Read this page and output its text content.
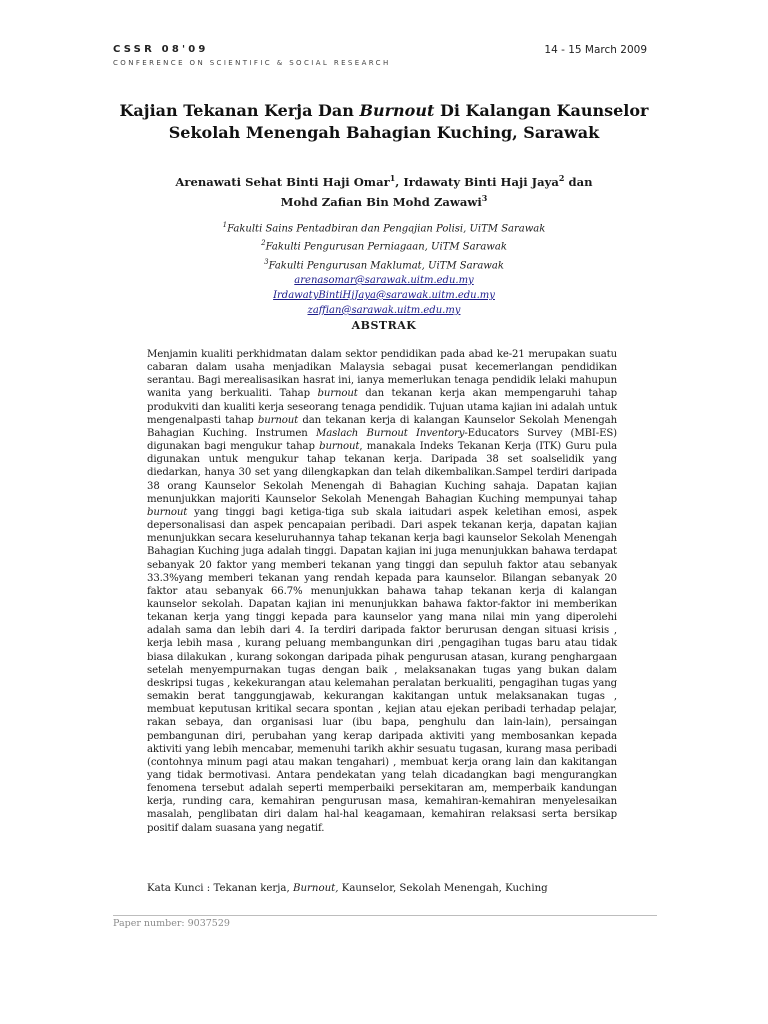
CSSR 08'09
CONFERENCE ON SCIENTIFIC & SOCIAL RESEARCH
14 - 15 March 2009
Kajian Tekanan Kerja Dan Burnout Di Kalangan Kaunselor Sekolah Menengah Bahagian Kuching, Sarawak
Arenawati Sehat Binti Haji Omar$^1$, Irdawaty Binti Haji Jaya$^2$ dan
Mohd Zafian Bin Mohd Zawawi$^3$
$^1$Fakulti Sains Pentadbiran dan Pengajian Polisi, UiTM Sarawak
$^2$Fakulti Pengurusan Perniagaan, UiTM Sarawak
$^3$Fakulti Pengurusan Maklumat, UiTM Sarawak
arenasomar@sarawak.uitm.edu.my
IrdawatyBintiHjJaya@sarawak.uitm.edu.my
zaffian@sarawak.uitm.edu.my
ABSTRAK
Menjamin kualiti perkhidmatan dalam sektor pendidikan pada abad ke-21 merupakan suatu cabaran dalam usaha menjadikan Malaysia sebagai pusat kecemerlangan pendidikan serantau. Bagi merealisasikan hasrat ini, ianya memerlukan tenaga pendidik lelaki mahupun wanita yang berkualiti. Tahap burnout dan tekanan kerja akan mempengaruhi tahap produkviti dan kualiti kerja seseorang tenaga pendidik. Tujuan utama kajian ini adalah untuk mengenalpasti tahap burnout dan tekanan kerja di kalangan Kaunselor Sekolah Menengah Bahagian Kuching. Instrumen Maslach Burnout Inventory-Educators Survey (MBI-ES) digunakan bagi mengukur tahap burnout, manakala Indeks Tekanan Kerja (ITK) Guru pula digunakan untuk mengukur tahap tekanan kerja. Daripada 38 set soalselidik yang diedarkan, hanya 30 set yang dilengkapkan dan telah dikembalikan.Sampel terdiri daripada 38 orang Kaunselor Sekolah Menengah di Bahagian Kuching sahaja. Dapatan kajian menunjukkan majoriti Kaunselor Sekolah Menengah Bahagian Kuching mempunyai tahap burnout yang tinggi bagi ketiga-tiga sub skala iaitudari aspek keletihan emosi, aspek depersonalisasi dan aspek pencapaian peribadi. Dari aspek tekanan kerja, dapatan kajian menunjukkan secara keseluruhannya tahap tekanan kerja bagi kaunselor Sekolah Menengah Bahagian Kuching juga adalah tinggi. Dapatan kajian ini juga menunjukkan bahawa terdapat sebanyak 20 faktor yang memberi tekanan yang tinggi dan sepuluh faktor atau sebanyak 33.3%yang memberi tekanan yang rendah kepada para kaunselor. Bilangan sebanyak 20 faktor atau sebanyak 66.7% menunjukkan bahawa tahap tekanan kerja di kalangan kaunselor sekolah. Dapatan kajian ini menunjukkan bahawa faktor-faktor ini memberikan tekanan kerja yang tinggi kepada para kaunselor yang mana nilai min yang diperolehi adalah sama dan lebih dari 4. Ia terdiri daripada faktor berurusan dengan situasi krisis , kerja lebih masa , kurang peluang membangunkan diri ,pengagihan tugas baru atau tidak biasa dilakukan , kurang sokongan daripada pihak pengurusan atasan, kurang penghargaan setelah menyempurnakan tugas dengan baik , melaksanakan tugas yang bukan dalam deskripsi tugas , kekekurangan atau kelemahan peralatan berkualiti, pengagihan tugas yang semakin berat tanggungjawab, kekurangan kakitangan untuk melaksanakan tugas , membuat keputusan kritikal secara spontan , kejian atau ejekan peribadi terhadap pelajar, rakan sebaya, dan organisasi luar (ibu bapa, penghulu dan lain-lain), persaingan pembangunan diri, perubahan yang kerap daripada aktiviti yang membosankan kepada aktiviti yang lebih mencabar, memenuhi tarikh akhir sesuatu tugasan, kurang masa peribadi (contohnya minum pagi atau makan tengahari) , membuat kerja orang lain dan kakitangan yang tidak bermotivasi. Antara pendekatan yang telah dicadangkan bagi mengurangkan fenomena tersebut adalah seperti memperbaiki persekitaran am, memperbaik kandungan kerja, runding cara, kemahiran pengurusan masa, kemahiran-kemahiran menyelesaikan masalah, penglibatan diri dalam hal-hal keagamaan, kemahiran relaksasi serta bersikap positif dalam suasana yang negatif.
Kata Kunci : Tekanan kerja, Burnout, Kaunselor, Sekolah Menengah, Kuching
Paper number: 9037529
